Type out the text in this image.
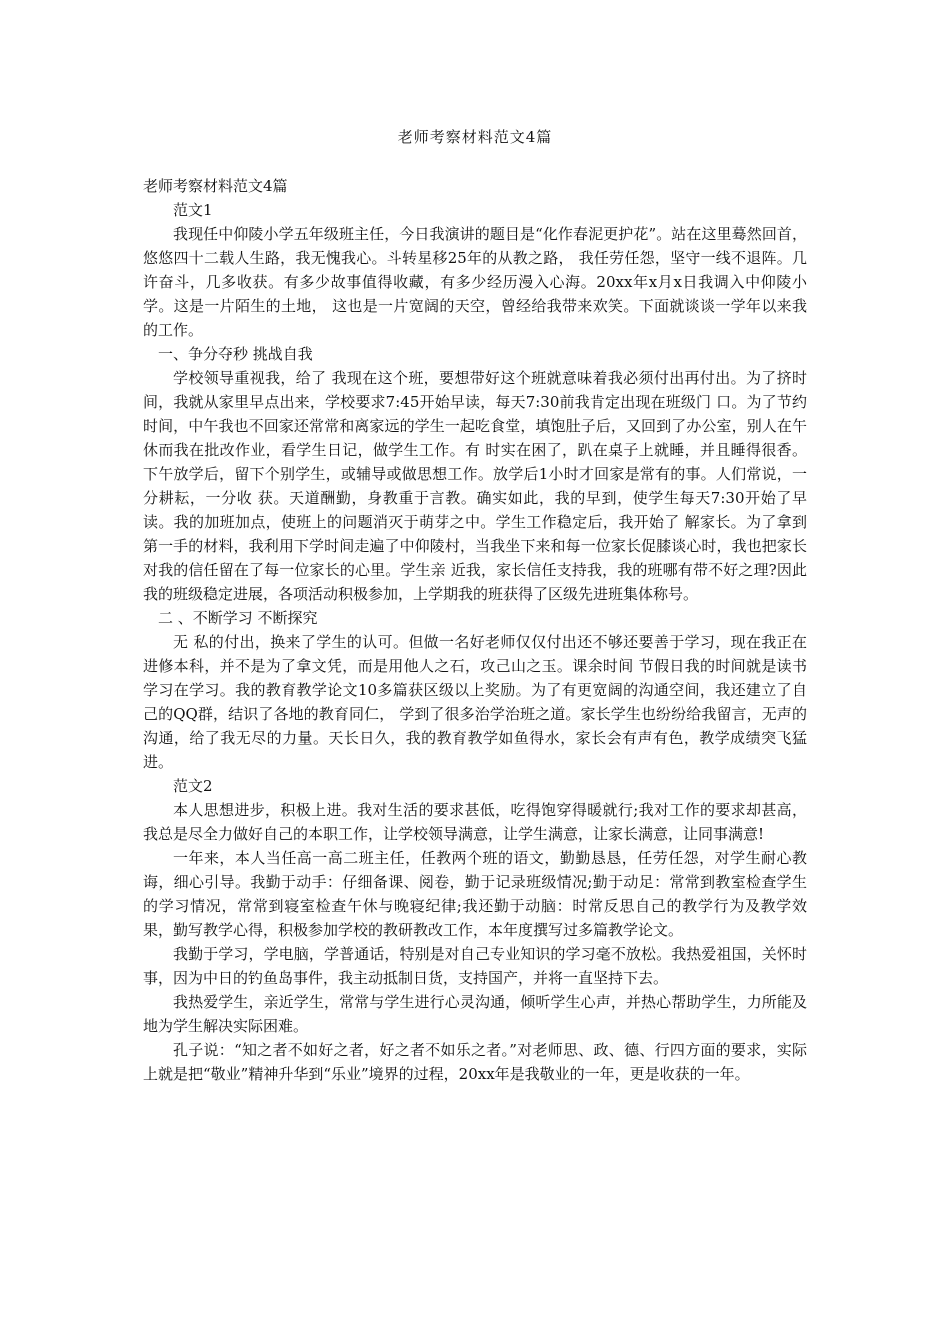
老师考察材料范文4篇

老师考察材料范文4篇

范文1

我现任中仰陵小学五年级班主任，今日我演讲的题目是“化作春泥更护花”。站在这里蓦然回首，悠悠四十二载人生路，我无愧我心。斗转星移25年的从教之路， 我任劳任怨，坚守一线不退阵。几许奋斗，几多收获。有多少故事值得收藏，有多少经历漫入心海。20xx年x月x日我调入中仰陵小学。这是一片陌生的土地， 这也是一片宽阔的天空，曾经给我带来欢笑。下面就谈谈一学年以来我的工作。

一、争分夺秒 挑战自我

学校领导重视我，给了 我现在这个班，要想带好这个班就意味着我必须付出再付出。为了挤时间，我就从家里早点出来，学校要求7:45开始早读，每天7:30前我肯定出现在班级门 口。为了节约时间，中午我也不回家还常常和离家远的学生一起吃食堂，填饱肚子后，又回到了办公室，别人在午休而我在批改作业，看学生日记，做学生工作。有 时实在困了，趴在桌子上就睡，并且睡得很香。下午放学后，留下个别学生，或辅导或做思想工作。放学后1小时才回家是常有的事。人们常说，一分耕耘，一分收 获。天道酬勤，身教重于言教。确实如此，我的早到，使学生每天7:30开始了早读。我的加班加点，使班上的问题消灭于萌芽之中。学生工作稳定后，我开始了 解家长。为了拿到第一手的材料，我利用下学时间走遍了中仰陵村，当我坐下来和每一位家长促膝谈心时，我也把家长对我的信任留在了每一位家长的心里。学生亲 近我，家长信任支持我，我的班哪有带不好之理?因此我的班级稳定进展，各项活动积极参加，上学期我的班获得了区级先进班集体称号。

二 、不断学习 不断探究

无 私的付出，换来了学生的认可。但做一名好老师仅仅付出还不够还要善于学习，现在我正在进修本科，并不是为了拿文凭，而是用他人之石，攻己山之玉。课余时间 节假日我的时间就是读书学习在学习。我的教育教学论文10多篇获区级以上奖励。为了有更宽阔的沟通空间，我还建立了自己的QQ群，结识了各地的教育同仁， 学到了很多治学治班之道。家长学生也纷纷给我留言，无声的沟通，给了我无尽的力量。天长日久，我的教育教学如鱼得水，家长会有声有色，教学成绩突飞猛进。

范文2

本人思想进步，积极上进。我对生活的要求甚低，吃得饱穿得暖就行;我对工作的要求却甚高，我总是尽全力做好自己的本职工作，让学校领导满意，让学生满意，让家长满意，让同事满意!

一年来，本人当任高一高二班主任，任教两个班的语文，勤勤恳恳，任劳任怨，对学生耐心教诲，细心引导。我勤于动手：仔细备课、阅卷，勤于记录班级情况;勤于动足：常常到教室检查学生的学习情况，常常到寝室检查午休与晚寝纪律;我还勤于动脑：时常反思自己的教学行为及教学效果，勤写教学心得，积极参加学校的教研教改工作，本年度撰写过多篇教学论文。

我勤于学习，学电脑，学普通话，特别是对自己专业知识的学习毫不放松。我热爱祖国，关怀时事，因为中日的钓鱼岛事件，我主动抵制日货，支持国产，并将一直坚持下去。

我热爱学生，亲近学生，常常与学生进行心灵沟通，倾听学生心声，并热心帮助学生，力所能及地为学生解决实际困难。

孔子说：“知之者不如好之者，好之者不如乐之者。”对老师思、政、德、行四方面的要求，实际上就是把“敬业”精神升华到“乐业”境界的过程，20xx年是我敬业的一年，更是收获的一年。
